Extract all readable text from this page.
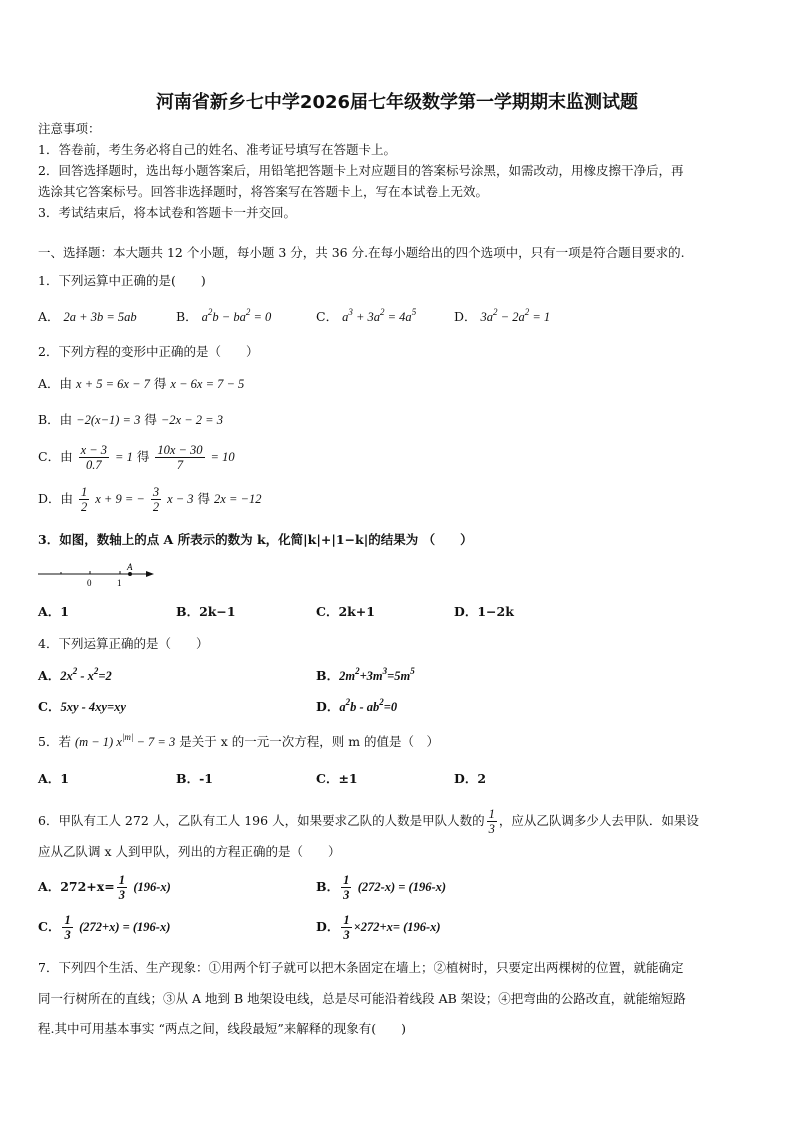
河南省新乡七中学2026届七年级数学第一学期期末监测试题
注意事项：
1．答卷前，考生务必将自己的姓名、准考证号填写在答题卡上。
2．回答选择题时，选出每小题答案后，用铅笔把答题卡上对应题目的答案标号涂黑，如需改动，用橡皮擦干净后，再
选涂其它答案标号。回答非选择题时，将答案写在答题卡上，写在本试卷上无效。
3．考试结束后，将本试卷和答题卡一并交回。
一、选择题：本大题共 12 个小题，每小题 3 分，共 36 分.在每小题给出的四个选项中，只有一项是符合题目要求的.
1．下列运算中正确的是(　　)
A． 2a + 3b = 5ab	B． $a^2b - ba^2 = 0$	C． $a^3 + 3a^2 = 4a^5$	D． $3a^2 - 2a^2 = 1$
2．下列方程的变形中正确的是（　　）
A．由 x + 5 = 6x − 7 得 x − 6x = 7 − 5
B．由 −2(x−1) = 3 得 −2x − 2 = 3
C．由 $\frac{x - 3}{0.7} = 1$ 得 $\frac{10x - 30}{7} = 10$
D．由 $\frac{1}{2}$ x + 9 = − $\frac{3}{2}$ x − 3 得 2x = −12
3．如图，数轴上的点 A 所表示的数为 k，化简|k|+|1−k|的结果为 （　　）
A
0	1
A．1	B．2k−1	C．2k+1	D．1−2k
4．下列运算正确的是（　　）
A．$2x^2 - x^2=2$	B．$2m^2+3m^3=5m^5$
C．5xy - 4xy=xy	D．$a^2b - ab^2=0$
5．若 (m − 1) $x^{|m|} - 7 = 3$ 是关于 x 的一元一次方程，则 m 的值是（　）
A．1	B．-1	C．±1	D．2
6．甲队有工人 272 人，乙队有工人 196 人，如果要求乙队的人数是甲队人数的 $\frac{1}{3}$ ，应从乙队调多少人去甲队．如果设
应从乙队调 x 人到甲队，列出的方程正确的是（　　）
A．$272+x= \frac{1}{3} (196-x)$	B． $\frac{1}{3} (272-x) = (196-x)$
C． $\frac{1}{3} (272+x) = (196-x)$	D． $\frac{1}{3} \times 272+x= (196-x)$
7．下列四个生活、生产现象：①用两个钉子就可以把木条固定在墙上；②植树时，只要定出两棵树的位置，就能确定
同一行树所在的直线；③从 A 地到 B 地架设电线，总是尽可能沿着线段 AB 架设；④把弯曲的公路改直，就能缩短路
程.其中可用基本事实 “两点之间，线段最短”来解释的现象有(　　)
